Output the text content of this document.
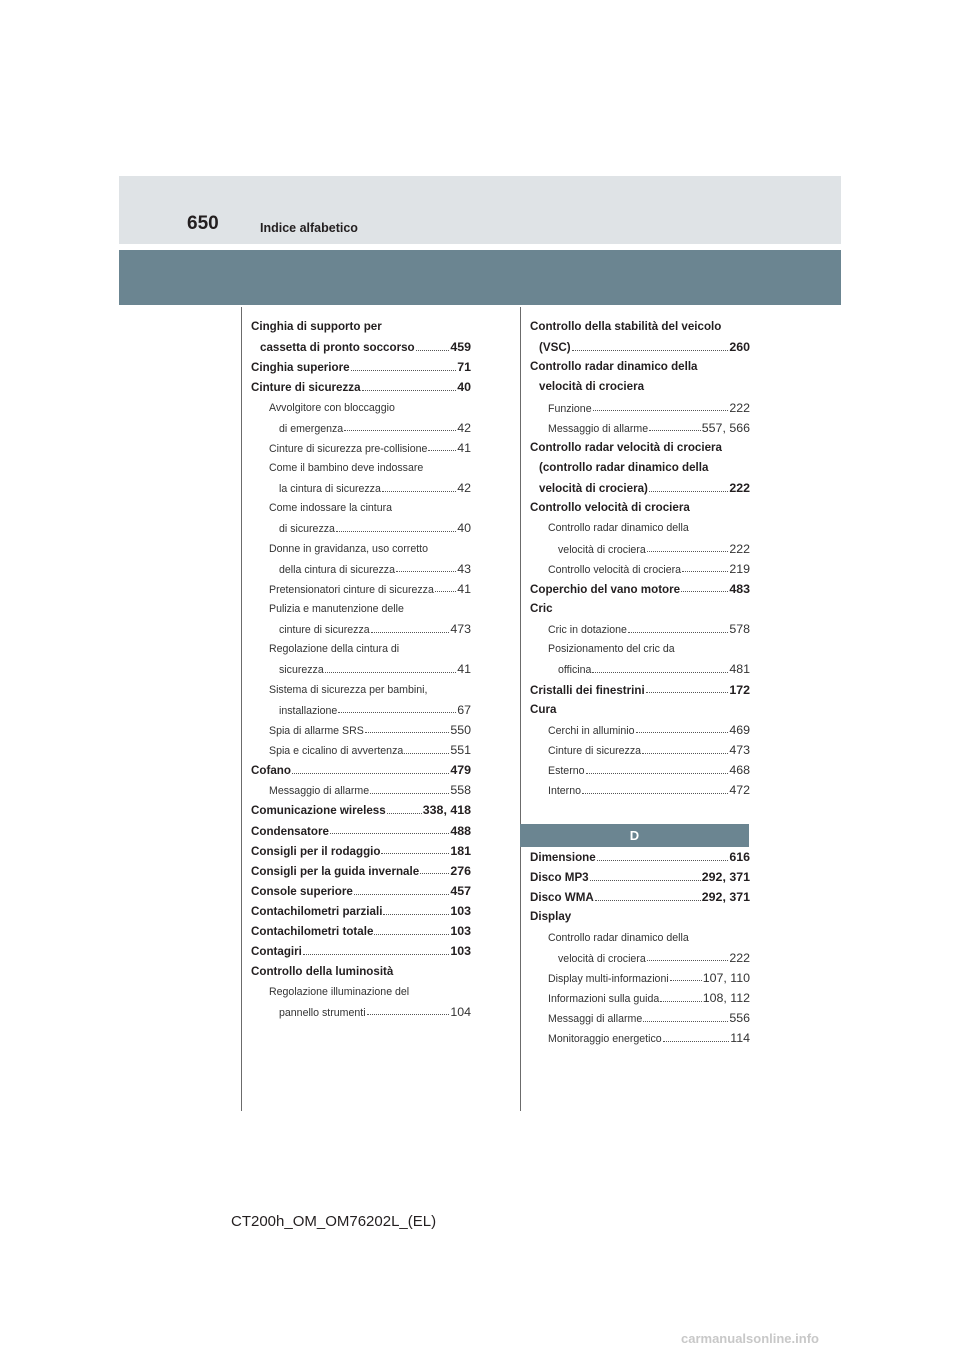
650	Indice alfabetico
Cinghia di supporto per
cassetta di pronto soccorso	459
Cinghia superiore	71
Cinture di sicurezza	40
Avvolgitore con bloccaggio
di emergenza	42
Cinture di sicurezza pre-collisione 41
Come il bambino deve indossare
la cintura di sicurezza	42
Come indossare la cintura
di sicurezza	40
Donne in gravidanza, uso corretto
della cintura di sicurezza	43
Pretensionatori cinture di sicurezza 41
Pulizia e manutenzione delle
cinture di sicurezza	473
Regolazione della cintura di
sicurezza	41
Sistema di sicurezza per bambini,
installazione	67
Spia di allarme SRS	550
Spia e cicalino di avvertenza	551
Cofano	479
Messaggio di allarme	558
Comunicazione wireless	338, 418
Condensatore	488
Consigli per il rodaggio	181
Consigli per la guida invernale	276
Console superiore	457
Contachilometri parziali	103
Contachilometri totale	103
Contagiri	103
Controllo della luminosità
Regolazione illuminazione del
pannello strumenti	104
Controllo della stabilità del veicolo
(VSC)	260
Controllo radar dinamico della
velocità di crociera
Funzione	222
Messaggio di allarme	557, 566
Controllo radar velocità di crociera
(controllo radar dinamico della
velocità di crociera)	222
Controllo velocità di crociera
Controllo radar dinamico della
velocità di crociera	222
Controllo velocità di crociera	219
Coperchio del vano motore	483
Cric
Cric in dotazione	578
Posizionamento del cric da
officina	481
Cristalli dei finestrini	172
Cura
Cerchi in alluminio	469
Cinture di sicurezza	473
Esterno	468
Interno	472
D
Dimensione	616
Disco MP3	292, 371
Disco WMA	292, 371
Display
Controllo radar dinamico della
velocità di crociera	222
Display multi-informazioni	107, 110
Informazioni sulla guida	108, 112
Messaggi di allarme	556
Monitoraggio energetico	114
CT200h_OM_OM76202L_(EL)
carmanualsonline.info
